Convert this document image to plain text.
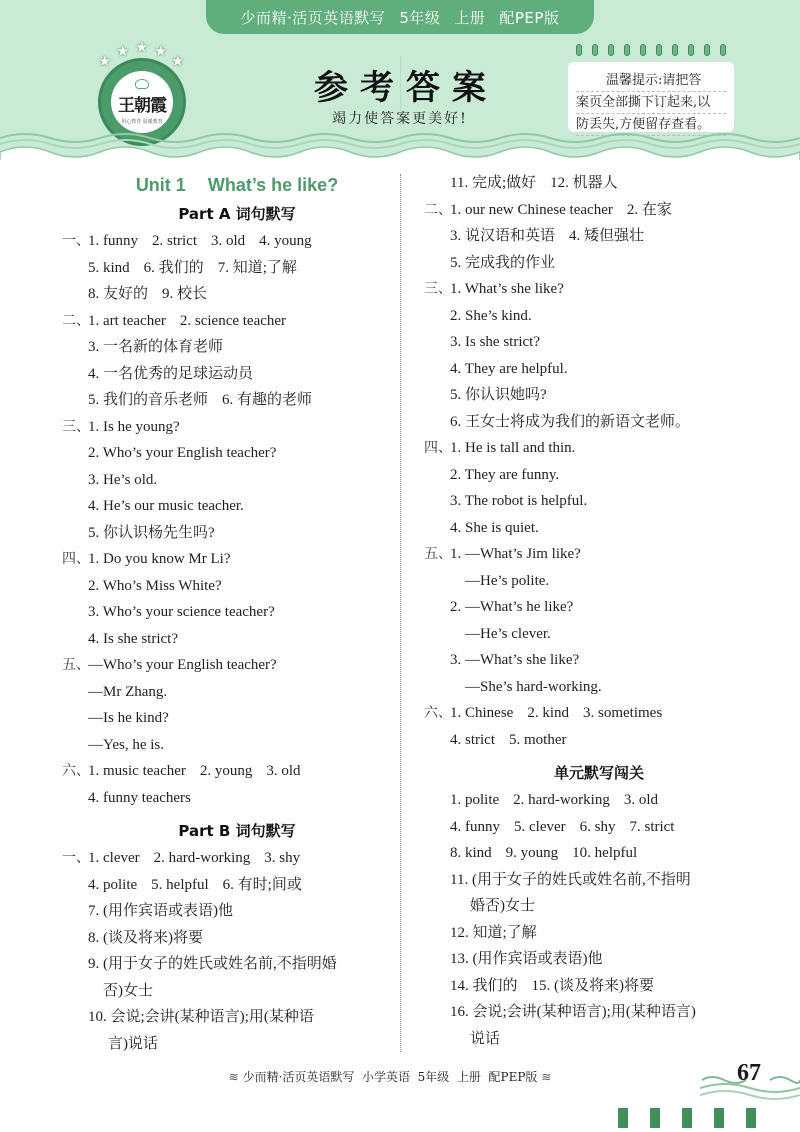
少而精·活页英语默写 5年级 上册 配PEP版
★
★ ★ ★
★
王朝霞
用心教育 温暖教育
参考答案
竭力使答案更美好!
温馨提示:请把答
案页全部撕下订起来,以
防丢失,方便留存查看。
Unit 1 What’s he like?
Part A 词句默写
一、1. funny 2. strict 3. old 4. young
5. kind 6. 我们的 7. 知道;了解
8. 友好的 9. 校长
二、1. art teacher 2. science teacher
3. 一名新的体育老师
4. 一名优秀的足球运动员
5. 我们的音乐老师 6. 有趣的老师
三、1. Is he young?
2. Who’s your English teacher?
3. He’s old.
4. He’s our music teacher.
5. 你认识杨先生吗?
四、1. Do you know Mr Li?
2. Who’s Miss White?
3. Who’s your science teacher?
4. Is she strict?
五、—Who’s your English teacher?
—Mr Zhang.
—Is he kind?
—Yes, he is.
六、1. music teacher 2. young 3. old
4. funny teachers
Part B 词句默写
一、1. clever 2. hard-working 3. shy
4. polite 5. helpful 6. 有时;间或
7. (用作宾语或表语)他
8. (谈及将来)将要
9. (用于女子的姓氏或姓名前,不指明婚
否)女士
10. 会说;会讲(某种语言);用(某种语
言)说话
11. 完成;做好 12. 机器人
二、1. our new Chinese teacher 2. 在家
3. 说汉语和英语 4. 矮但强壮
5. 完成我的作业
三、1. What’s she like?
2. She’s kind.
3. Is she strict?
4. They are helpful.
5. 你认识她吗?
6. 王女士将成为我们的新语文老师。
四、1. He is tall and thin.
2. They are funny.
3. The robot is helpful.
4. She is quiet.
五、1. —What’s Jim like?
—He’s polite.
2. —What’s he like?
—He’s clever.
3. —What’s she like?
—She’s hard-working.
六、1. Chinese 2. kind 3. sometimes
4. strict 5. mother
单元默写闯关
1. polite 2. hard-working 3. old
4. funny 5. clever 6. shy 7. strict
8. kind 9. young 10. helpful
11. (用于女子的姓氏或姓名前,不指明
婚否)女士
12. 知道;了解
13. (用作宾语或表语)他
14. 我们的 15. (谈及将来)将要
16. 会说;会讲(某种语言);用(某种语言)
说话
≋ 少而精·活页英语默写  小学英语  5年级  上册  配PEP版 ≋	67
